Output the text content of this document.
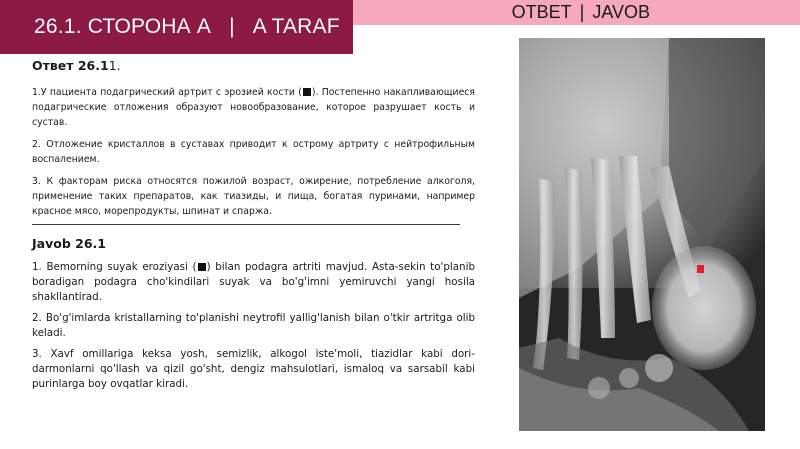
26.1. СТОРОНА А | A TARAF
ОТВЕТ | JAVOB
Ответ 26.11.

1.У пациента подагрический артрит с эрозией кости ( ). Постепенно накапливающиеся подагрические отложения образуют новообразование, которое разрушает кость и сустав.

2. Отложение кристаллов в суставах приводит к острому артриту с нейтрофильным воспалением.

3. К факторам риска относятся пожилой возраст, ожирение, потребление алкоголя, применение таких препаратов, как тиазиды, и пища, богатая пуринами, например красное мясо, морепродукты, шпинат и спаржа.

Javob 26.1

1. Bemorning suyak eroziyasi ( ) bilan podagra artriti mavjud. Asta-sekin to'planib boradigan podagra cho'kindilari suyak va bo'g'imni yemiruvchi yangi hosila shakllantirad.

2. Bo'g'imlarda kristallarning to'planishi neytrofil yallig'lanish bilan o'tkir artritga olib keladi.

3. Xavf omillariga keksa yosh, semizlik, alkogol iste'moli, tiazidlar kabi dori-darmonlarni qo'llash va qizil go'sht, dengiz mahsulotlari, ismaloq va sarsabil kabi purinlarga boy ovqatlar kiradi.
